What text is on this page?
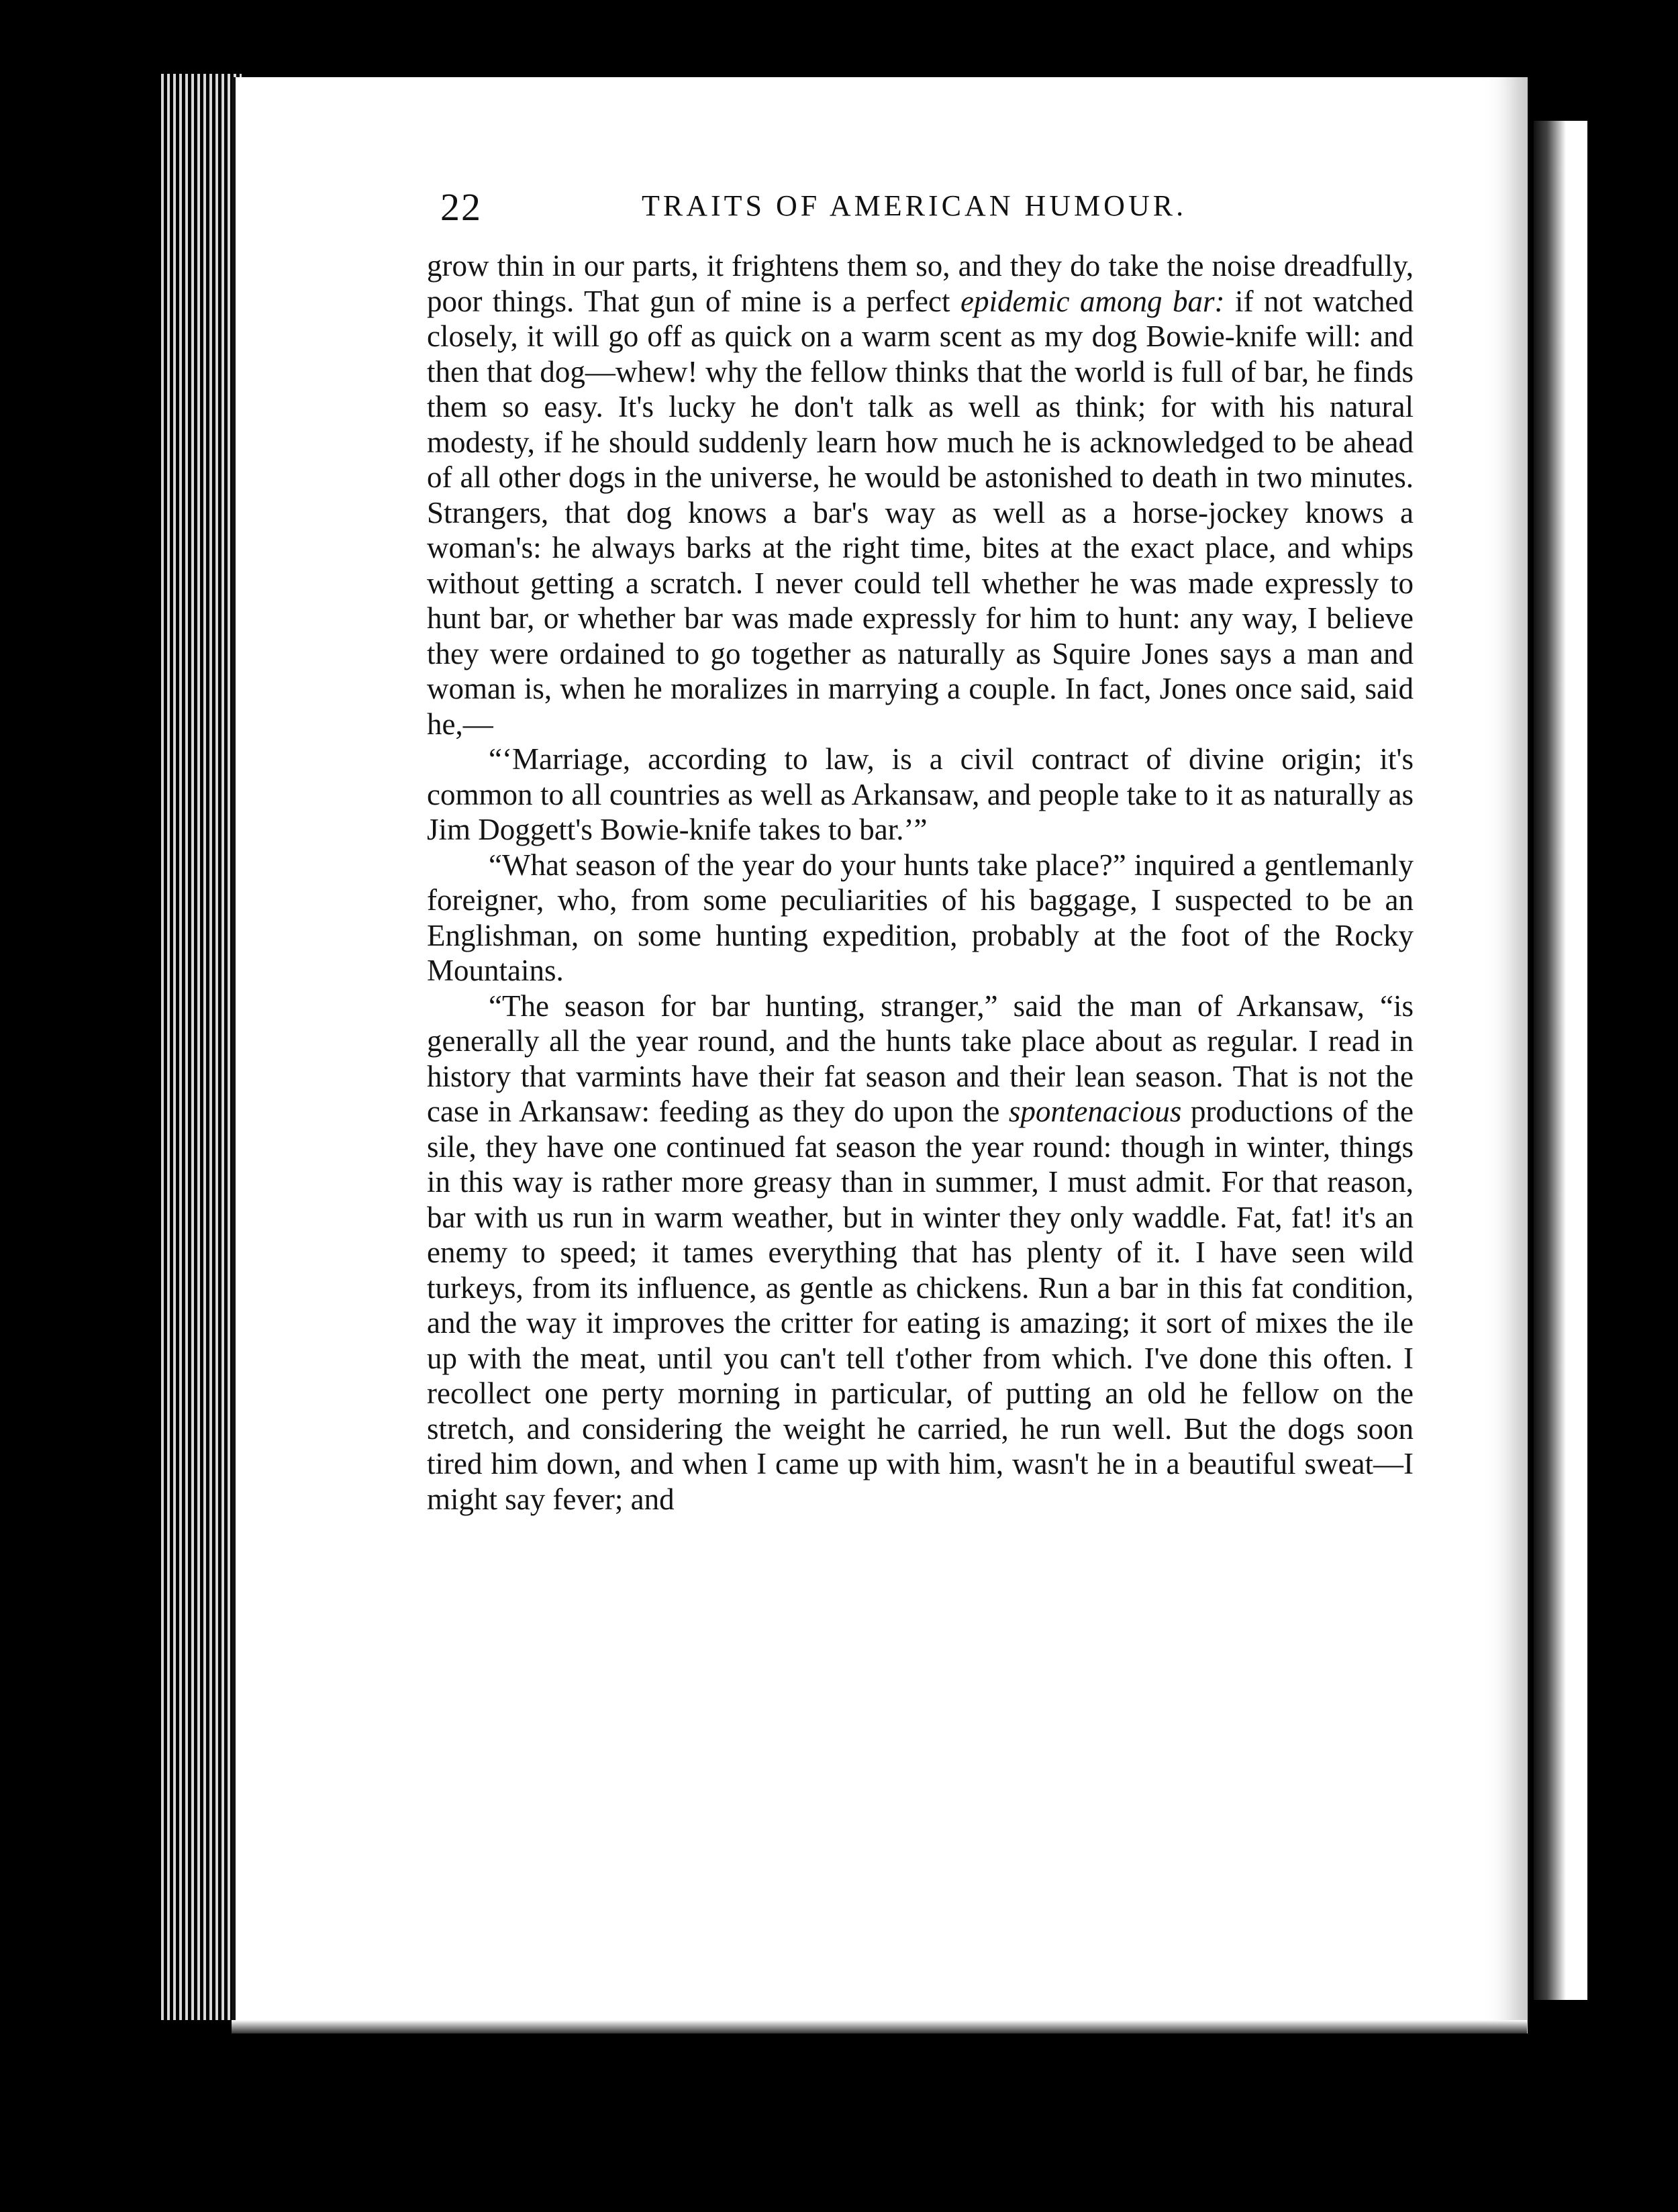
22	TRAITS OF AMERICAN HUMOUR.

grow thin in our parts, it frightens them so, and they do take the noise dreadfully, poor things. That gun of mine is a perfect epidemic among bar: if not watched closely, it will go off as quick on a warm scent as my dog Bowie-knife will: and then that dog—whew! why the fellow thinks that the world is full of bar, he finds them so easy. It's lucky he don't talk as well as think; for with his natural modesty, if he should suddenly learn how much he is acknowledged to be ahead of all other dogs in the universe, he would be astonished to death in two minutes. Strangers, that dog knows a bar's way as well as a horse-jockey knows a woman's: he always barks at the right time, bites at the exact place, and whips without getting a scratch. I never could tell whether he was made expressly to hunt bar, or whether bar was made expressly for him to hunt: any way, I believe they were ordained to go together as naturally as Squire Jones says a man and woman is, when he moralizes in marrying a couple. In fact, Jones once said, said he,—

“‘Marriage, according to law, is a civil contract of divine origin; it's common to all countries as well as Arkansaw, and people take to it as naturally as Jim Doggett's Bowie-knife takes to bar.’”

“What season of the year do your hunts take place?” inquired a gentlemanly foreigner, who, from some peculiarities of his baggage, I suspected to be an Englishman, on some hunting expedition, probably at the foot of the Rocky Mountains.

“The season for bar hunting, stranger,” said the man of Arkansaw, “is generally all the year round, and the hunts take place about as regular. I read in history that varmints have their fat season and their lean season. That is not the case in Arkansaw: feeding as they do upon the spontenacious productions of the sile, they have one continued fat season the year round: though in winter, things in this way is rather more greasy than in summer, I must admit. For that reason, bar with us run in warm weather, but in winter they only waddle. Fat, fat! it's an enemy to speed; it tames everything that has plenty of it. I have seen wild turkeys, from its influence, as gentle as chickens. Run a bar in this fat condition, and the way it improves the critter for eating is amazing; it sort of mixes the ile up with the meat, until you can't tell t'other from which. I've done this often. I recollect one perty morning in particular, of putting an old he fellow on the stretch, and considering the weight he carried, he run well. But the dogs soon tired him down, and when I came up with him, wasn't he in a beautiful sweat—I might say fever; and
